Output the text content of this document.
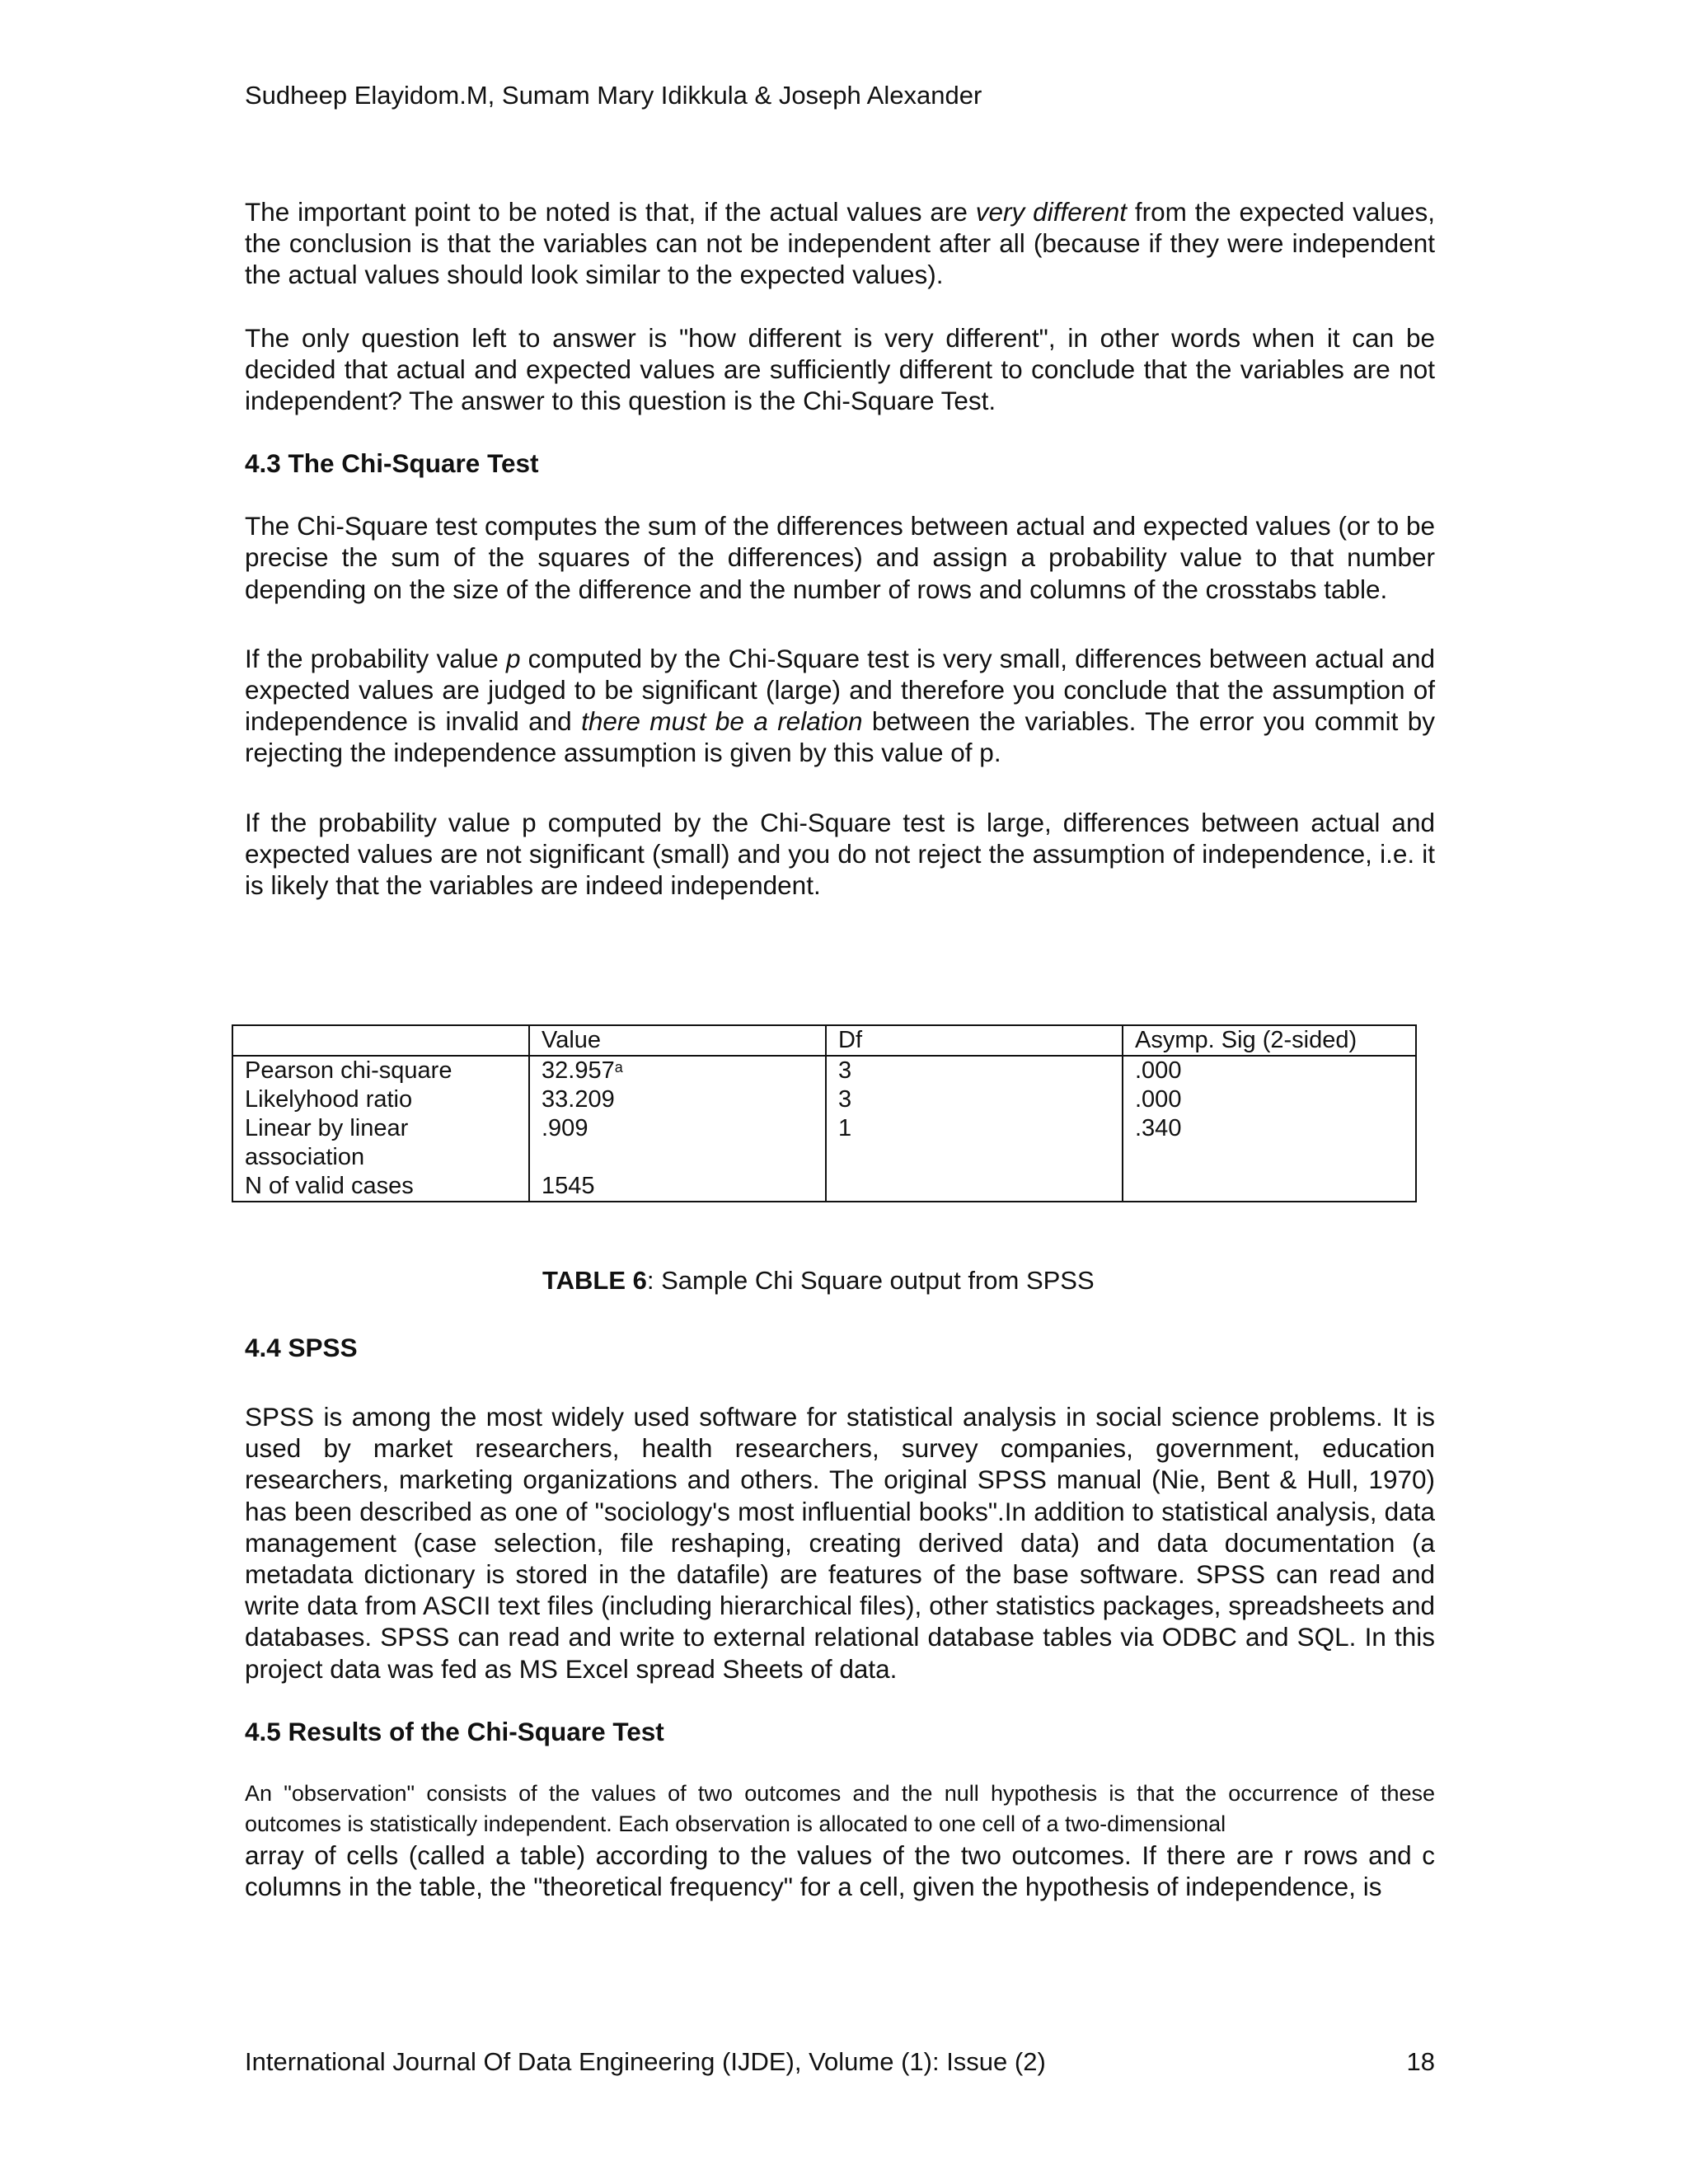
Sudheep Elayidom.M, Sumam Mary Idikkula & Joseph Alexander

The important point to be noted is that, if the actual values are very different from the expected values, the conclusion is that the variables can not be independent after all (because if they were independent the actual values should look similar to the expected values).

The only question left to answer is "how different is very different", in other words when it can be decided that actual and expected values are sufficiently different to conclude that the variables are not independent? The answer to this question is the Chi-Square Test.

4.3 The Chi-Square Test

The Chi-Square test computes the sum of the differences between actual and expected values (or to be precise the sum of the squares of the differences) and assign a probability value to that number depending on the size of the difference and the number of rows and columns of the crosstabs table.

If the probability value p computed by the Chi-Square test is very small, differences between actual and expected values are judged to be significant (large) and therefore you conclude that the assumption of independence is invalid and there must be a relation between the variables. The error you commit by rejecting the independence assumption is given by this value of p.

If the probability value p computed by the Chi-Square test is large, differences between actual and expected values are not significant (small) and you do not reject the assumption of independence, i.e. it is likely that the variables are indeed independent.

	Value	Df	Asymp. Sig (2-sided)
Pearson chi-square	32.957$^a$	3	.000
Likelyhood ratio	33.209	3	.000
Linear by linear association	.909	1	.340
N of valid cases	1545		
TABLE 6: Sample Chi Square output from SPSS
4.4 SPSS

SPSS is among the most widely used software for statistical analysis in social science problems. It is used by market researchers, health researchers, survey companies, government, education researchers, marketing organizations and others. The original SPSS manual (Nie, Bent & Hull, 1970) has been described as one of "sociology's most influential books".In addition to statistical analysis, data management (case selection, file reshaping, creating derived data) and data documentation (a metadata dictionary is stored in the datafile) are features of the base software. SPSS can read and write data from ASCII text files (including hierarchical files), other statistics packages, spreadsheets and databases. SPSS can read and write to external relational database tables via ODBC and SQL. In this project data was fed as MS Excel spread Sheets of data.

4.5 Results of the Chi-Square Test

An "observation" consists of the values of two outcomes and the null hypothesis is that the occurrence of these outcomes is statistically independent. Each observation is allocated to one cell of a two-dimensional

array of cells (called a table) according to the values of the two outcomes. If there are r rows and c columns in the table, the "theoretical frequency" for a cell, given the hypothesis of independence, is

International Journal Of Data Engineering (IJDE), Volume (1): Issue (2)	18
